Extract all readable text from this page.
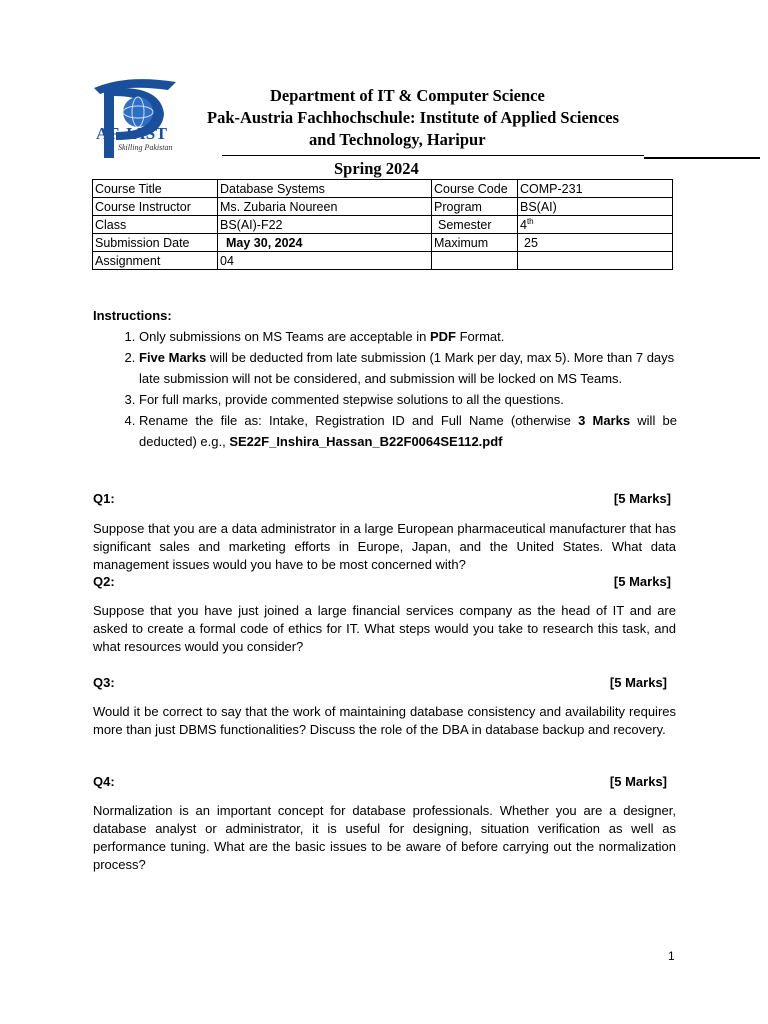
AF-IAST
Skilling Pakistan
Department of IT & Computer Science
Pak-Austria Fachhochschule: Institute of Applied Sciences
and Technology, Haripur
Spring 2024
Course Title	Database Systems	Course Code	COMP-231
Course Instructor	Ms. Zubaria Noureen	Program	BS(AI)
Class	BS(AI)-F22	Semester	4th
Submission Date	May 30, 2024	Maximum	25
Assignment	04		
Instructions:
1. Only submissions on MS Teams are acceptable in PDF Format.
2. Five Marks will be deducted from late submission (1 Mark per day, max 5). More than 7 days late submission will not be considered, and submission will be locked on MS Teams.
3. For full marks, provide commented stepwise solutions to all the questions.
4. Rename the file as: Intake, Registration ID and Full Name (otherwise 3 Marks will be deducted) e.g., SE22F_Inshira_Hassan_B22F0064SE112.pdf
Q1:	[5 Marks]
Suppose that you are a data administrator in a large European pharmaceutical manufacturer that has significant sales and marketing efforts in Europe, Japan, and the United States. What data management issues would you have to be most concerned with?
Q2:	[5 Marks]
Suppose that you have just joined a large financial services company as the head of IT and are asked to create a formal code of ethics for IT. What steps would you take to research this task, and what resources would you consider?
Q3:	[5 Marks]
Would it be correct to say that the work of maintaining database consistency and availability requires more than just DBMS functionalities? Discuss the role of the DBA in database backup and recovery.
Q4:	[5 Marks]
Normalization is an important concept for database professionals. Whether you are a designer, database analyst or administrator, it is useful for designing, situation verification as well as performance tuning. What are the basic issues to be aware of before carrying out the normalization process?
1
